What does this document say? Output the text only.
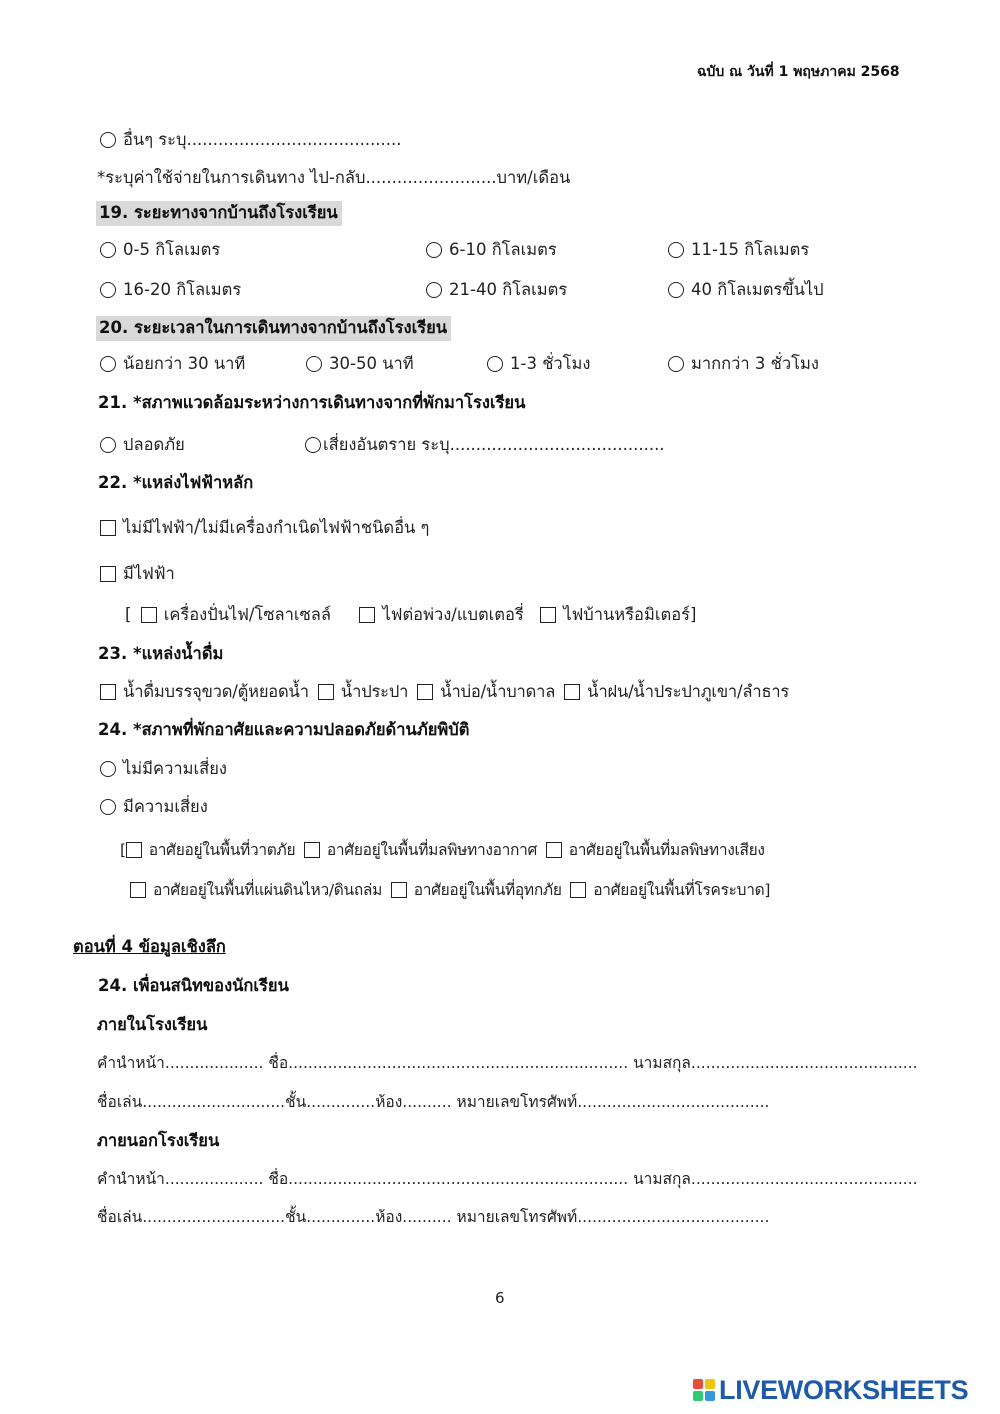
ฉบับ ณ วันที่ 1 พฤษภาคม 2568
อื่นๆ ระบุ.........................................
*ระบุค่าใช้จ่ายในการเดินทาง ไป-กลับ.........................บาท/เดือน
19. ระยะทางจากบ้านถึงโรงเรียน
0-5 กิโลเมตร	6-10 กิโลเมตร	11-15 กิโลเมตร
16-20 กิโลเมตร	21-40 กิโลเมตร	40 กิโลเมตรขึ้นไป
20. ระยะเวลาในการเดินทางจากบ้านถึงโรงเรียน
น้อยกว่า 30 นาที	30-50 นาที	1-3 ชั่วโมง	มากกว่า 3 ชั่วโมง
21. *สภาพแวดล้อมระหว่างการเดินทางจากที่พักมาโรงเรียน
ปลอดภัย	เสี่ยงอันตราย ระบุ.........................................
22. *แหล่งไฟฟ้าหลัก
ไม่มีไฟฟ้า/ไม่มีเครื่องกำเนิดไฟฟ้าชนิดอื่น ๆ
มีไฟฟ้า
[ เครื่องปั่นไฟ/โซลาเซลล์	ไฟต่อพ่วง/แบตเตอรี่ ไฟบ้านหรือมิเตอร์]
23. *แหล่งน้ำดื่ม
น้ำดื่มบรรจุขวด/ตู้หยอดน้ำ น้ำประปา น้ำบ่อ/น้ำบาดาล น้ำฝน/น้ำประปาภูเขา/ลำธาร
24. *สภาพที่พักอาศัยและความปลอดภัยด้านภัยพิบัติ
ไม่มีความเสี่ยง
มีความเสี่ยง
[ อาศัยอยู่ในพื้นที่วาตภัย อาศัยอยู่ในพื้นที่มลพิษทางอากาศ อาศัยอยู่ในพื้นที่มลพิษทางเสียง
อาศัยอยู่ในพื้นที่แผ่นดินไหว/ดินถล่ม อาศัยอยู่ในพื้นที่อุทกภัย อาศัยอยู่ในพื้นที่โรคระบาด]
ตอนที่ 4 ข้อมูลเชิงลึก
24. เพื่อนสนิทของนักเรียน
ภายในโรงเรียน
คำนำหน้า.................... ชื่อ..................................................................... นามสกุล..............................................
ชื่อเล่น.............................ชั้น..............ห้อง.......... หมายเลขโทรศัพท์.......................................
ภายนอกโรงเรียน
คำนำหน้า.................... ชื่อ..................................................................... นามสกุล..............................................
ชื่อเล่น.............................ชั้น..............ห้อง.......... หมายเลขโทรศัพท์.......................................
6
LIVEWORKSHEETS
